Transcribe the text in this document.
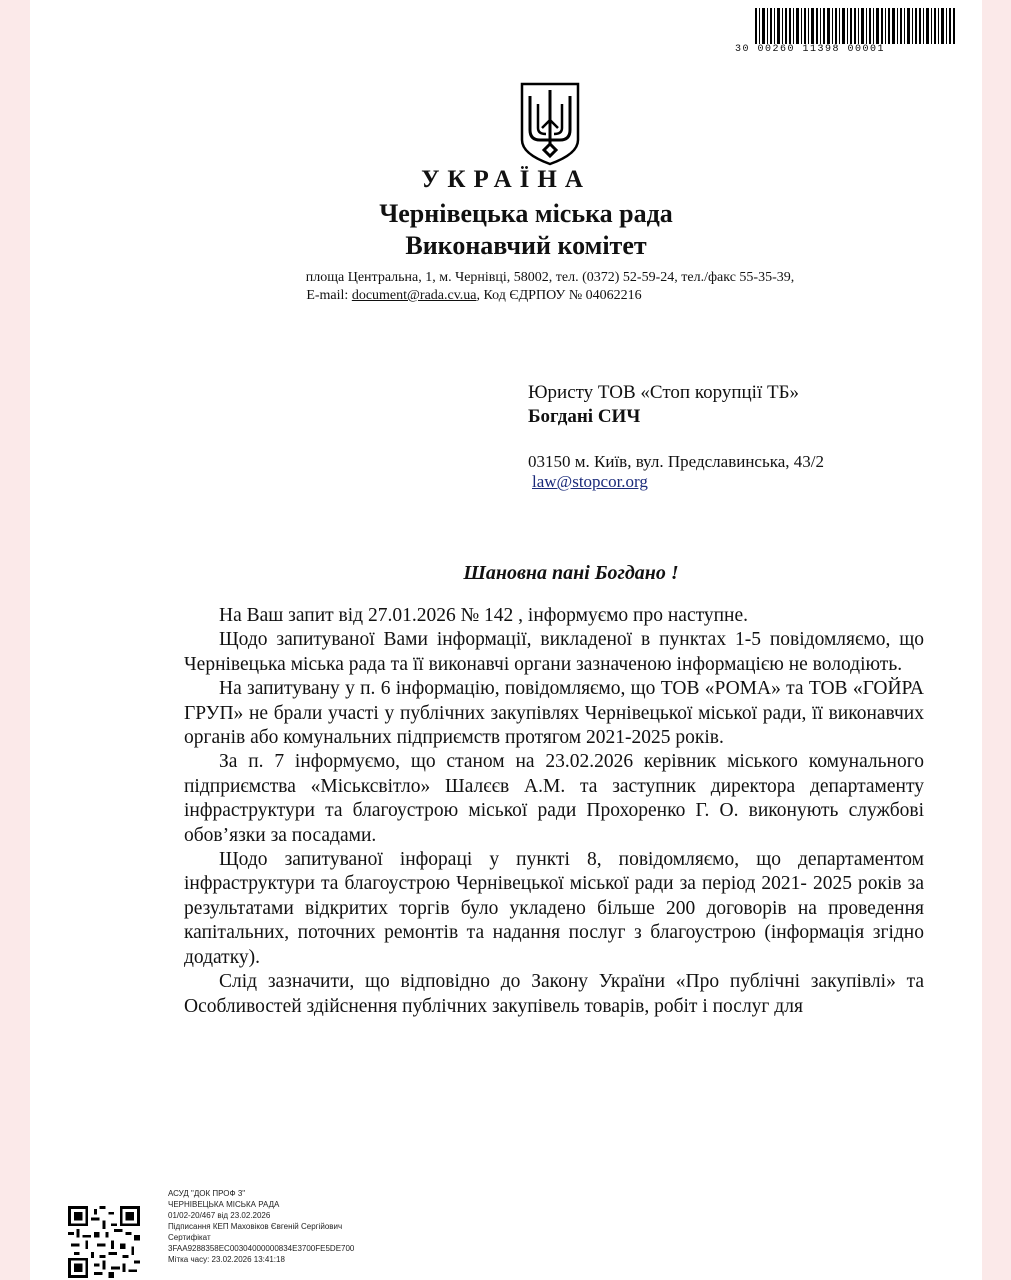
30 00260 11398 00001
УКРАЇНА
Чернівецька міська рада
Виконавчий комітет
площа Центральна, 1, м. Чернівці, 58002, тел. (0372) 52-59-24, тел./факс 55-35-39,
E-mail: document@rada.cv.ua, Код ЄДРПОУ № 04062216
Юристу ТОВ «Стоп корупції ТБ»
Богдані СИЧ
03150 м. Київ, вул. Предславинська, 43/2
law@stopcor.org
Шановна пані Богдано !

На Ваш запит від 27.01.2026 № 142 , інформуємо про наступне.

Щодо запитуваної Вами інформації, викладеної в пунктах 1-5 повідомляємо, що Чернівецька міська рада та її виконавчі органи зазначеною інформацією не володіють.

На запитувану у п. 6 інформацію, повідомляємо, що ТОВ «РОМА» та ТОВ «ГОЙРА ГРУП» не брали участі у публічних закупівлях Чернівецької міської ради, її виконавчих органів або комунальних підприємств протягом 2021-2025 років.

За п. 7 інформуємо, що станом на 23.02.2026 керівник міського комунального підприємства «Міськсвітло» Шалєєв А.М. та заступник директора департаменту інфраструктури та благоустрою міської ради Прохоренко Г. О. виконують службові обов’язки за посадами.

Щодо запитуваної інфораці у пункті 8, повідомляємо, що департаментом інфраструктури та благоустрою Чернівецької міської ради за період 2021- 2025 років за результатами відкритих торгів було укладено більше 200 договорів на проведення капітальних, поточних ремонтів та надання послуг з благоустрою (інформація згідно додатку).

Слід зазначити, що відповідно до Закону України «Про публічні закупівлі» та Особливостей здійснення публічних закупівель товарів, робіт і послуг для

АСУД "ДОК ПРОФ 3"
ЧЕРНІВЕЦЬКА МІСЬКА РАДА
01/02-20/467 від 23.02.2026
Підписання КЕП Маховіков Євгеній Сергійович
Сертифікат
3FAA9288358EC00304000000834E3700FE5DE700
Мітка часу: 23.02.2026 13:41:18
